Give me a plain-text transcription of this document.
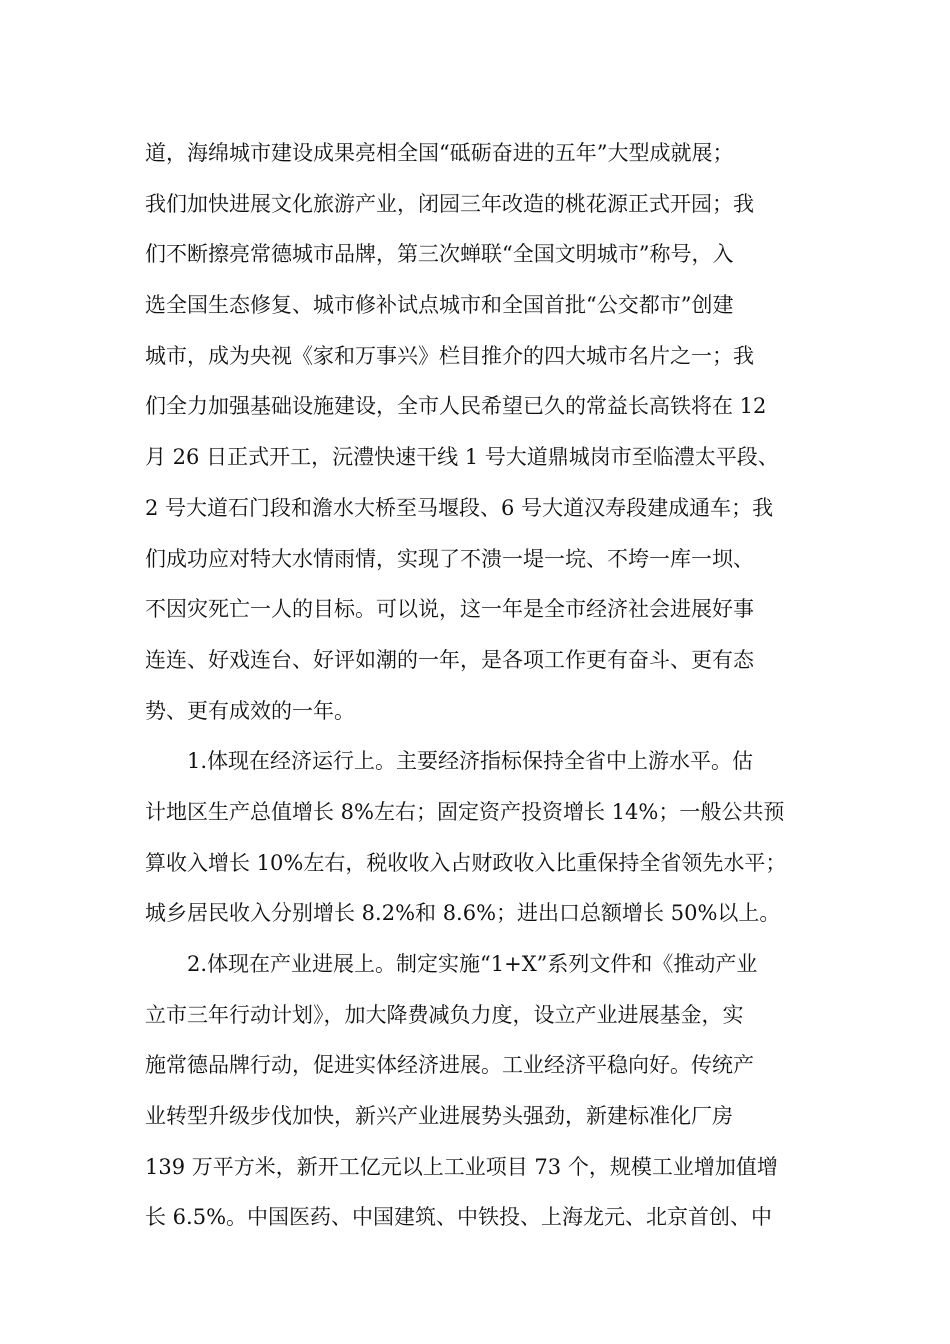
道，海绵城市建设成果亮相全国“砥砺奋进的五年”大型成就展；
我们加快进展文化旅游产业，闭园三年改造的桃花源正式开园；我
们不断擦亮常德城市品牌，第三次蝉联“全国文明城市”称号，入
选全国生态修复、城市修补试点城市和全国首批“公交都市”创建
城市，成为央视《家和万事兴》栏目推介的四大城市名片之一；我
们全力加强基础设施建设，全市人民希望已久的常益长高铁将在 12
月 26 日正式开工，沅澧快速干线 1 号大道鼎城岗市至临澧太平段、
2 号大道石门段和澹水大桥至马堰段、6 号大道汉寿段建成通车；我
们成功应对特大水情雨情，实现了不溃一堤一垸、不垮一库一坝、
不因灾死亡一人的目标。可以说，这一年是全市经济社会进展好事
连连、好戏连台、好评如潮的一年，是各项工作更有奋斗、更有态
势、更有成效的一年。
　　1.体现在经济运行上。主要经济指标保持全省中上游水平。估
计地区生产总值增长 8%左右；固定资产投资增长 14%；一般公共预
算收入增长 10%左右，税收收入占财政收入比重保持全省领先水平；
城乡居民收入分别增长 8.2%和 8.6%；进出口总额增长 50%以上。
　　2.体现在产业进展上。制定实施“1+X”系列文件和《推动产业
立市三年行动计划》，加大降费减负力度，设立产业进展基金，实
施常德品牌行动，促进实体经济进展。工业经济平稳向好。传统产
业转型升级步伐加快，新兴产业进展势头强劲，新建标准化厂房
139 万平方米，新开工亿元以上工业项目 73 个，规模工业增加值增
长 6.5%。中国医药、中国建筑、中铁投、上海龙元、北京首创、中
